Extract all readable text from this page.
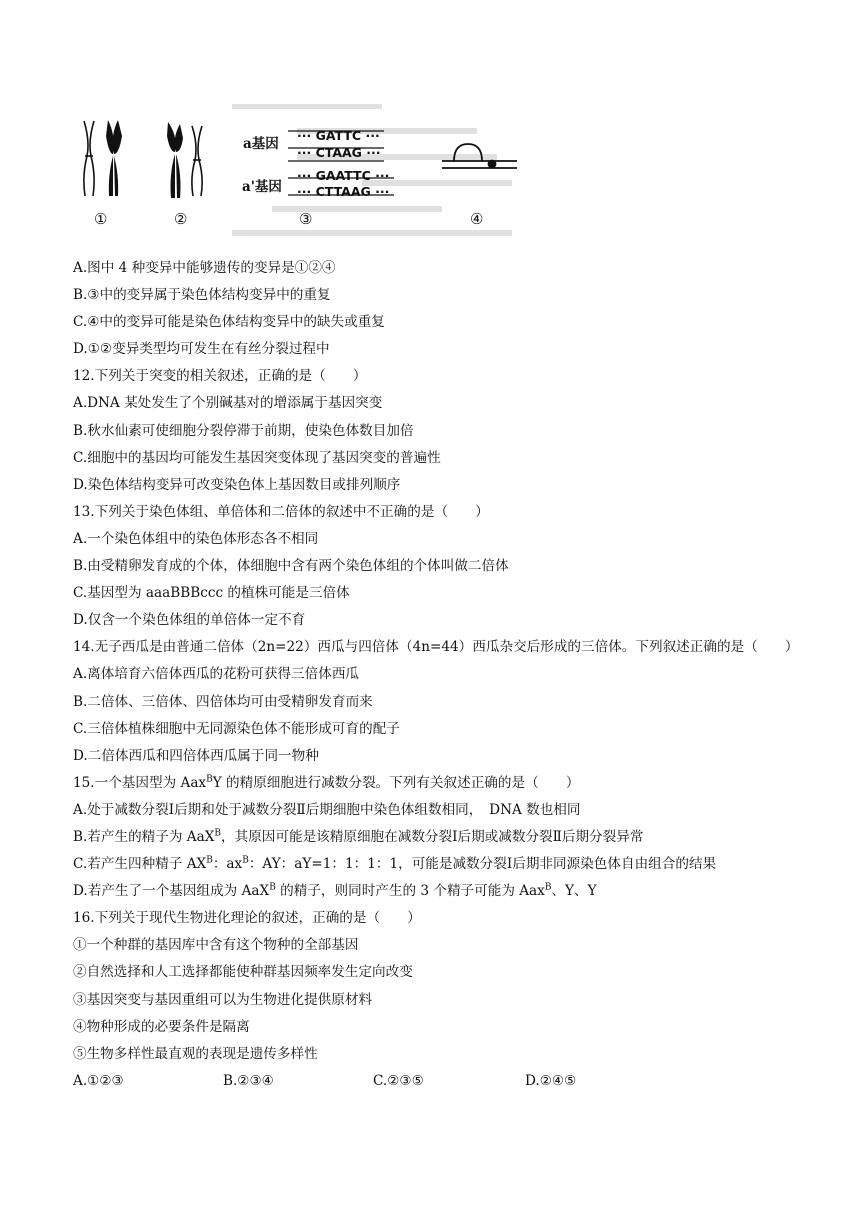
a基因
a'基因
··· GATTC ···
··· CTAAG ···
··· GAATTC ···
··· CTTAAG ···
①	②	③	④
A.图中 4 种变异中能够遗传的变异是①②④
B.③中的变异属于染色体结构变异中的重复
C.④中的变异可能是染色体结构变异中的缺失或重复
D.①②变异类型均可发生在有丝分裂过程中
12.下列关于突变的相关叙述，正确的是（　　）
A.DNA 某处发生了个别碱基对的增添属于基因突变
B.秋水仙素可使细胞分裂停滞于前期，使染色体数目加倍
C.细胞中的基因均可能发生基因突变体现了基因突变的普遍性
D.染色体结构变异可改变染色体上基因数目或排列顺序
13.下列关于染色体组、单倍体和二倍体的叙述中不正确的是（　　）
A.一个染色体组中的染色体形态各不相同
B.由受精卵发育成的个体，体细胞中含有两个染色体组的个体叫做二倍体
C.基因型为 aaaBBBccc 的植株可能是三倍体
D.仅含一个染色体组的单倍体一定不育
14.无子西瓜是由普通二倍体（2n=22）西瓜与四倍体（4n=44）西瓜杂交后形成的三倍体。下列叙述正确的是（　　）
A.离体培育六倍体西瓜的花粉可获得三倍体西瓜
B.二倍体、三倍体、四倍体均可由受精卵发育而来
C.三倍体植株细胞中无同源染色体不能形成可育的配子
D.二倍体西瓜和四倍体西瓜属于同一物种
15.一个基因型为 Aax$^B$Y 的精原细胞进行减数分裂。下列有关叙述正确的是（　　）
A.处于减数分裂Ⅰ后期和处于减数分裂Ⅱ后期细胞中染色体组数相同，　DNA 数也相同
B.若产生的精子为 AaX$^B$，其原因可能是该精原细胞在减数分裂Ⅰ后期或减数分裂Ⅱ后期分裂异常
C.若产生四种精子 $AX^B$：$ax^B$：AY：aY=1：1：1：1，可能是减数分裂Ⅰ后期非同源染色体自由组合的结果
D.若产生了一个基因组成为 AaX$^B$ 的精子，则同时产生的 3 个精子可能为 Aax$^B$、Y、Y
16.下列关于现代生物进化理论的叙述，正确的是（　　）
①一个种群的基因库中含有这个物种的全部基因
②自然选择和人工选择都能使种群基因频率发生定向改变
③基因突变与基因重组可以为生物进化提供原材料
④物种形成的必要条件是隔离
⑤生物多样性最直观的表现是遗传多样性
A.①②③	B.②③④	C.②③⑤	D.②④⑤
